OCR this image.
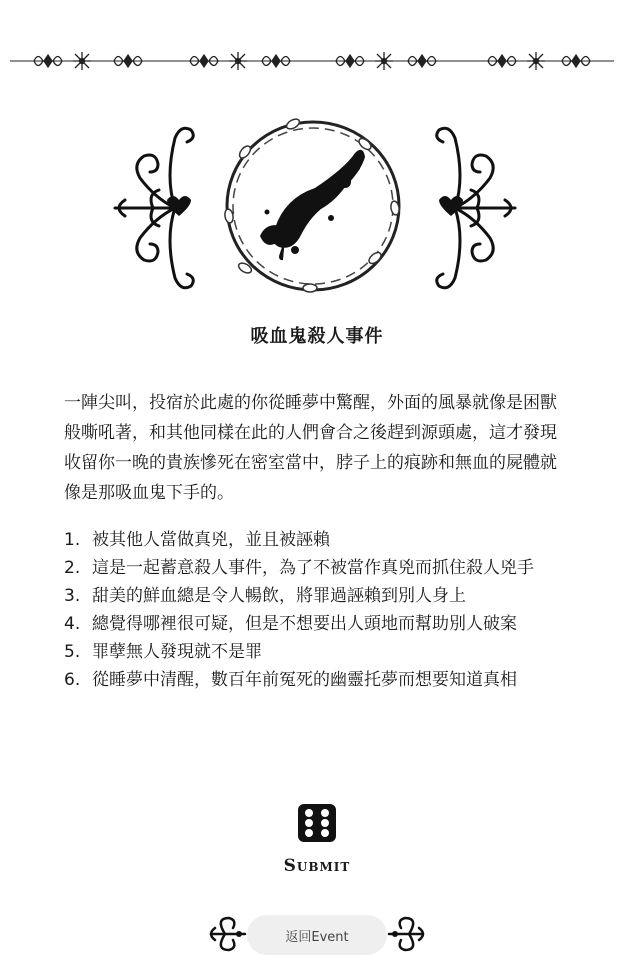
吸血鬼殺人事件

一陣尖叫，投宿於此處的你從睡夢中驚醒，外面的風暴就像是困獸般嘶吼著，和其他同樣在此的人們會合之後趕到源頭處，這才發現收留你一晚的貴族慘死在密室當中，脖子上的痕跡和無血的屍體就像是那吸血鬼下手的。

1. 被其他人當做真兇，並且被誣賴
2. 這是一起蓄意殺人事件，為了不被當作真兇而抓住殺人兇手
3. 甜美的鮮血總是令人暢飲，將罪過誣賴到別人身上
4. 總覺得哪裡很可疑，但是不想要出人頭地而幫助別人破案
5. 罪孽無人發現就不是罪
6. 從睡夢中清醒，數百年前冤死的幽靈托夢而想要知道真相
Submit
返回Event
